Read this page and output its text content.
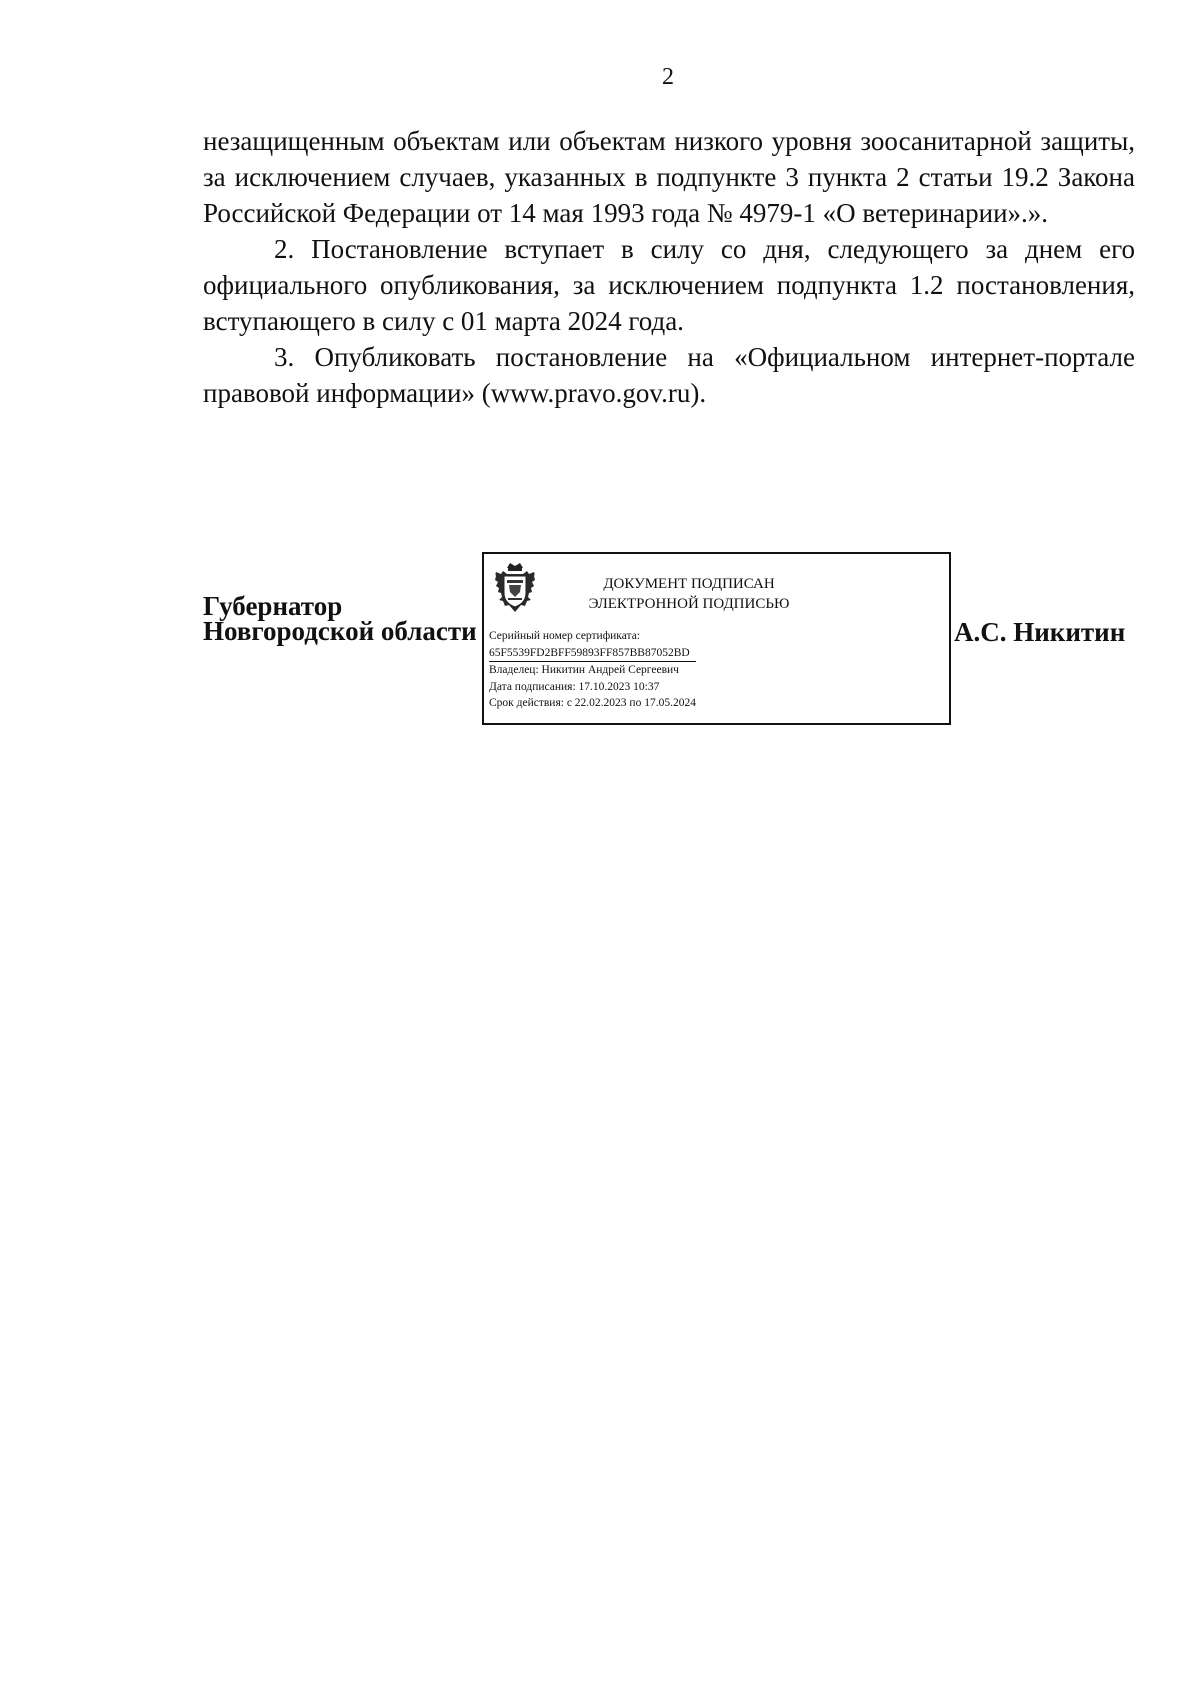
2

незащищенным объектам или объектам низкого уровня зоосанитарной защиты, за исключением случаев, указанных в подпункте 3 пункта 2 статьи 19.2 Закона Российской Федерации от 14 мая 1993 года № 4979-1 «О ветеринарии».».

2. Постановление вступает в силу со дня, следующего за днем его официального опубликования, за исключением подпункта 1.2 постановления, вступающего в силу с 01 марта 2024 года.

3. Опубликовать постановление на «Официальном интернет-портале правовой информации» (www.pravo.gov.ru).

Губернатор
Новгородской области	А.С. Никитин
ДОКУМЕНТ ПОДПИСАН
ЭЛЕКТРОННОЙ ПОДПИСЬЮ
Серийный номер сертификата:
65F5539FD2BFF59893FF857BB87052BD
Владелец: Никитин Андрей Сергеевич
Дата подписания: 17.10.2023 10:37
Срок действия: с 22.02.2023 по 17.05.2024
